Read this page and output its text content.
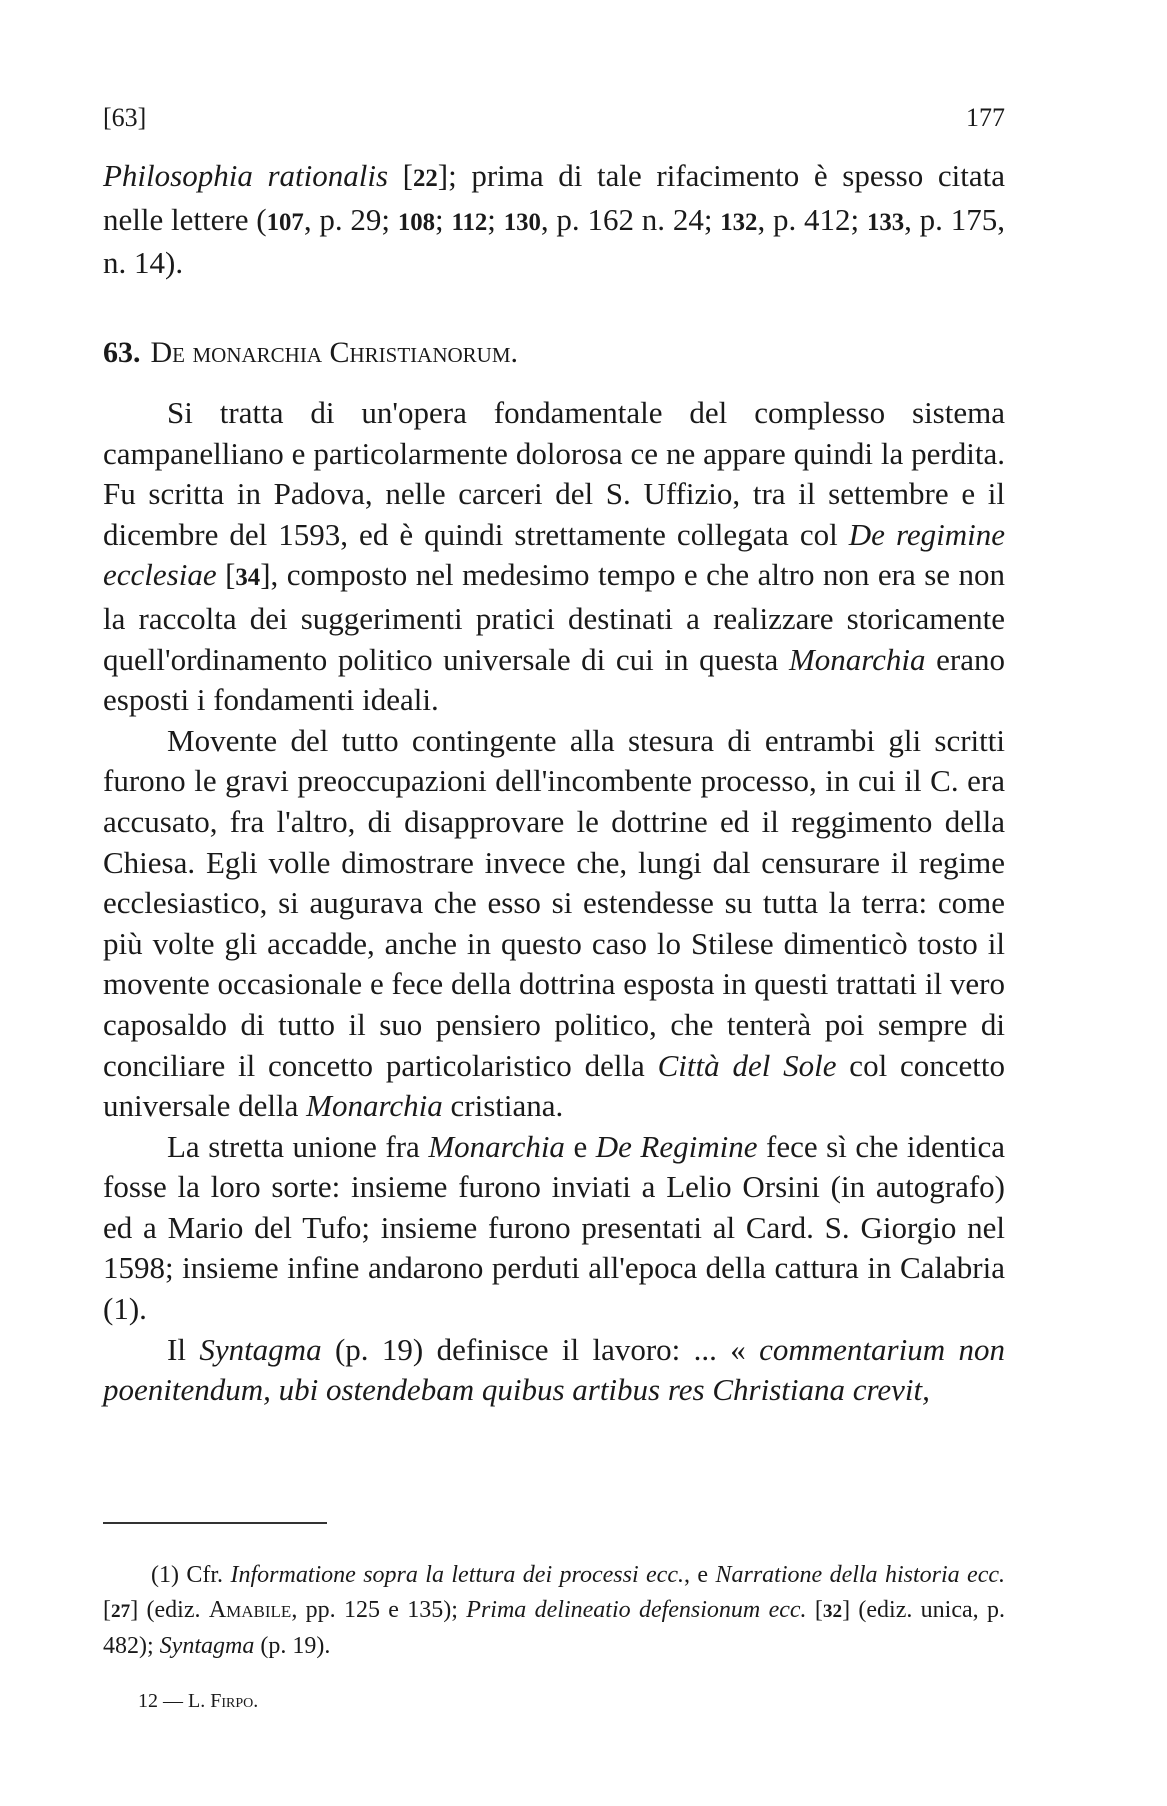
[63]	177

Philosophia rationalis [22]; prima di tale rifacimento è spesso citata nelle lettere (107, p. 29; 108; 112; 130, p. 162 n. 24; 132, p. 412; 133, p. 175, n. 14).

63. De monarchia Christianorum.

Si tratta di un'opera fondamentale del complesso sistema campanelliano e particolarmente dolorosa ce ne appare quindi la perdita. Fu scritta in Padova, nelle carceri del S. Uffizio, tra il settembre e il dicembre del 1593, ed è quindi strettamente collegata col De regimine ecclesiae [34], composto nel medesimo tempo e che altro non era se non la raccolta dei suggerimenti pratici destinati a realizzare storicamente quell'ordinamento politico universale di cui in questa Monarchia erano esposti i fondamenti ideali.

Movente del tutto contingente alla stesura di entrambi gli scritti furono le gravi preoccupazioni dell'incombente processo, in cui il C. era accusato, fra l'altro, di disapprovare le dottrine ed il reggimento della Chiesa. Egli volle dimostrare invece che, lungi dal censurare il regime ecclesiastico, si augurava che esso si estendesse su tutta la terra: come più volte gli accadde, anche in questo caso lo Stilese dimenticò tosto il movente occasionale e fece della dottrina esposta in questi trattati il vero caposaldo di tutto il suo pensiero politico, che tenterà poi sempre di conciliare il concetto particolaristico della Città del Sole col concetto universale della Monarchia cristiana.

La stretta unione fra Monarchia e De Regimine fece sì che identica fosse la loro sorte: insieme furono inviati a Lelio Orsini (in autografo) ed a Mario del Tufo; insieme furono presentati al Card. S. Giorgio nel 1598; insieme infine andarono perduti all'epoca della cattura in Calabria (1).

Il Syntagma (p. 19) definisce il lavoro: ... « commentarium non poenitendum, ubi ostendebam quibus artibus res Christiana crevit,

(1) Cfr. Informatione sopra la lettura dei processi ecc., e Narratione della historia ecc. [27] (ediz. Amabile, pp. 125 e 135); Prima delineatio defensionum ecc. [32] (ediz. unica, p. 482); Syntagma (p. 19).

12 — L. Firpo.
